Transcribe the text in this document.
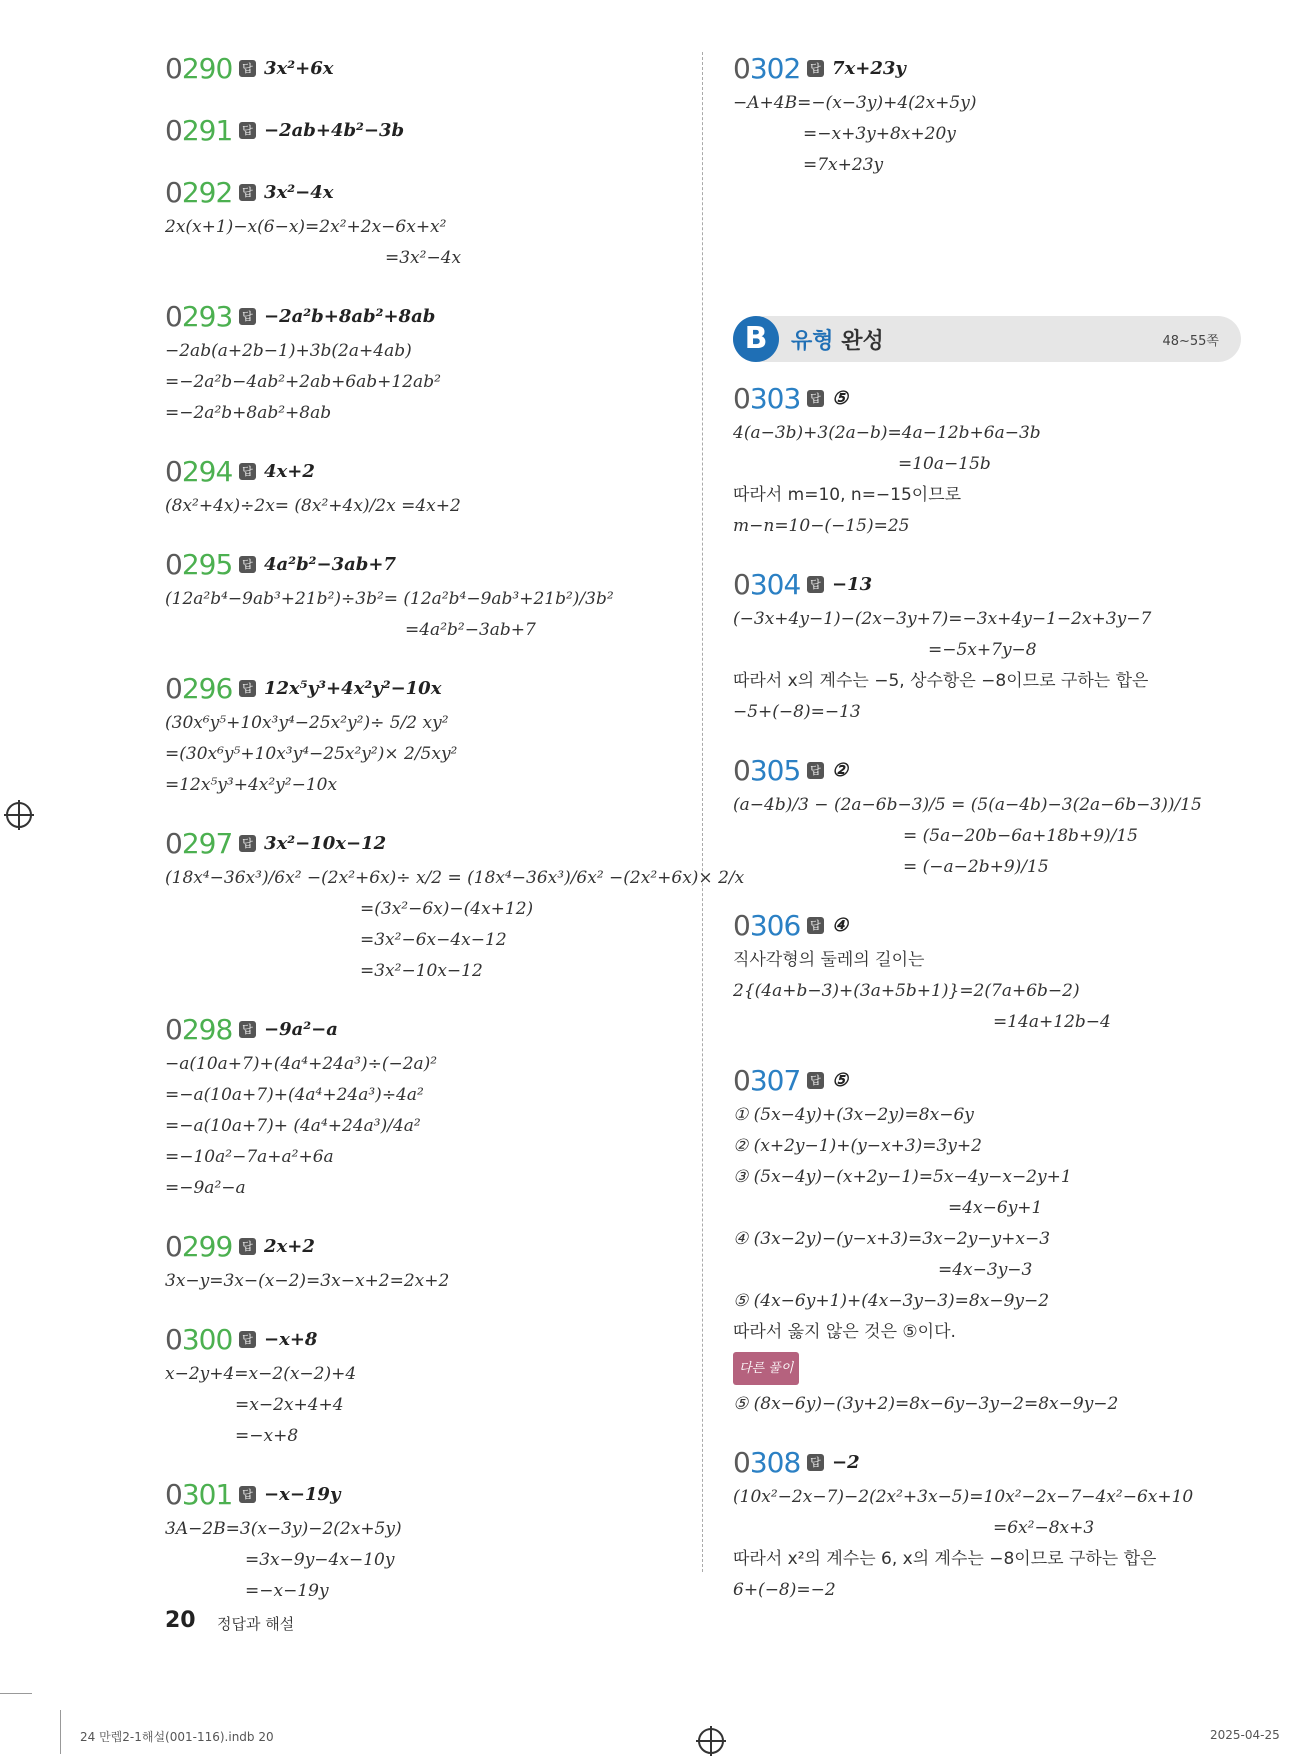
0290 답 3x²+6x
0291 답 −2ab+4b²−3b
0292 답 3x²−4x
2x(x+1)−x(6−x)=2x²+2x−6x+x²
=3x²−4x
0293 답 −2a²b+8ab²+8ab
−2ab(a+2b−1)+3b(2a+4ab)
=−2a²b−4ab²+2ab+6ab+12ab²
=−2a²b+8ab²+8ab
0294 답 4x+2
(8x²+4x)÷2x= (8x²+4x)/2x =4x+2
0295 답 4a²b²−3ab+7
(12a²b⁴−9ab³+21b²)÷3b²= (12a²b⁴−9ab³+21b²)/3b²
=4a²b²−3ab+7
0296 답 12x⁵y³+4x²y²−10x
(30x⁶y⁵+10x³y⁴−25x²y²)÷ 5/2 xy²
=(30x⁶y⁵+10x³y⁴−25x²y²)× 2/5xy²
=12x⁵y³+4x²y²−10x
0297 답 3x²−10x−12
(18x⁴−36x³)/6x² −(2x²+6x)÷ x/2 = (18x⁴−36x³)/6x² −(2x²+6x)× 2/x
=(3x²−6x)−(4x+12)
=3x²−6x−4x−12
=3x²−10x−12
0298 답 −9a²−a
−a(10a+7)+(4a⁴+24a³)÷(−2a)²
=−a(10a+7)+(4a⁴+24a³)÷4a²
=−a(10a+7)+ (4a⁴+24a³)/4a²
=−10a²−7a+a²+6a
=−9a²−a
0299 답 2x+2
3x−y=3x−(x−2)=3x−x+2=2x+2
0300 답 −x+8
x−2y+4=x−2(x−2)+4
=x−2x+4+4
=−x+8
0301 답 −x−19y
3A−2B=3(x−3y)−2(2x+5y)
=3x−9y−4x−10y
=−x−19y
0302 답 7x+23y
−A+4B=−(x−3y)+4(2x+5y)
=−x+3y+8x+20y
=7x+23y
B	유형 완성	48~55쪽
0303 답 ⑤
4(a−3b)+3(2a−b)=4a−12b+6a−3b
=10a−15b
따라서 m=10, n=−15이므로
m−n=10−(−15)=25
0304 답 −13
(−3x+4y−1)−(2x−3y+7)=−3x+4y−1−2x+3y−7
=−5x+7y−8
따라서 x의 계수는 −5, 상수항은 −8이므로 구하는 합은
−5+(−8)=−13
0305 답 ②
(a−4b)/3 − (2a−6b−3)/5 = (5(a−4b)−3(2a−6b−3))/15
= (5a−20b−6a+18b+9)/15
= (−a−2b+9)/15
0306 답 ④
직사각형의 둘레의 길이는
2{(4a+b−3)+(3a+5b+1)}=2(7a+6b−2)
=14a+12b−4
0307 답 ⑤
① (5x−4y)+(3x−2y)=8x−6y
② (x+2y−1)+(y−x+3)=3y+2
③ (5x−4y)−(x+2y−1)=5x−4y−x−2y+1
=4x−6y+1
④ (3x−2y)−(y−x+3)=3x−2y−y+x−3
=4x−3y−3
⑤ (4x−6y+1)+(4x−3y−3)=8x−9y−2
따라서 옳지 않은 것은 ⑤이다.
다른 풀이
⑤ (8x−6y)−(3y+2)=8x−6y−3y−2=8x−9y−2
0308 답 −2
(10x²−2x−7)−2(2x²+3x−5)=10x²−2x−7−4x²−6x+10
=6x²−8x+3
따라서 x²의 계수는 6, x의 계수는 −8이므로 구하는 합은
6+(−8)=−2
20 정답과 해설
24 만렙2-1해설(001-116).indb 20	2025-04-25
